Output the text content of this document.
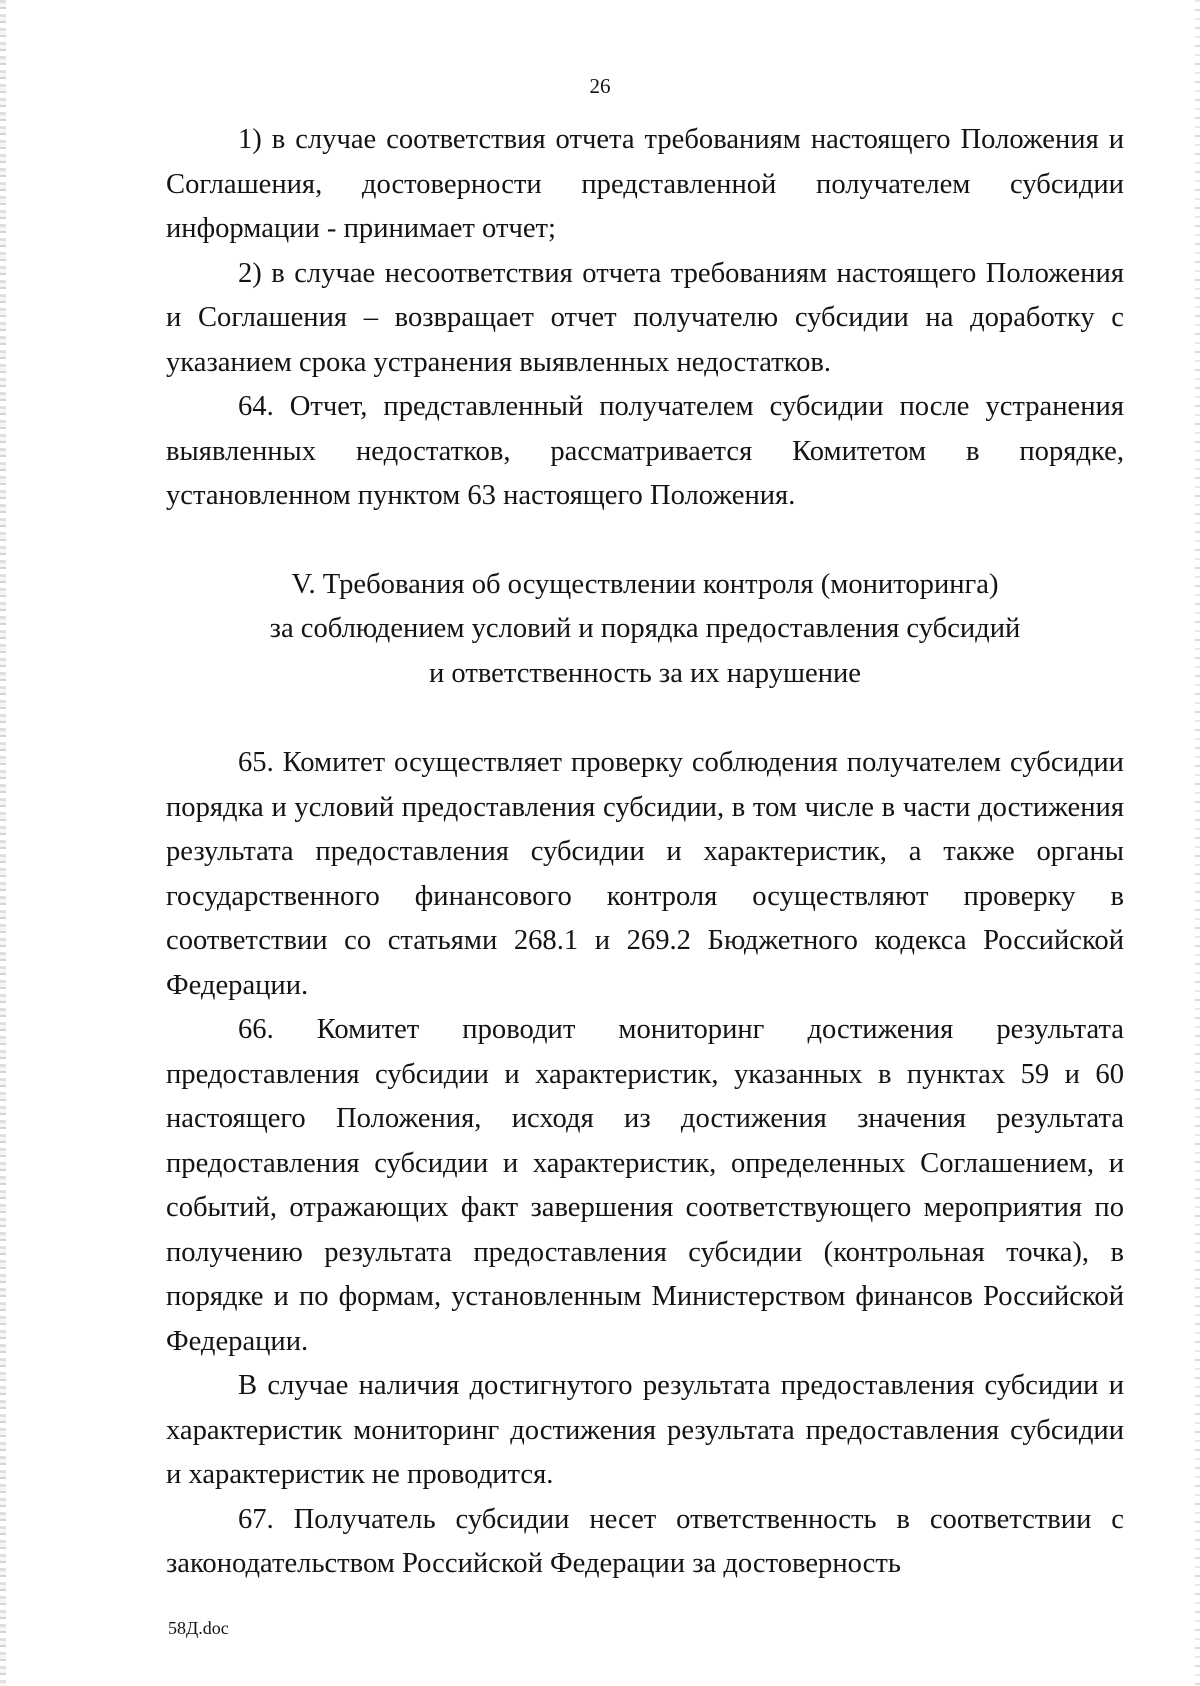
26

1) в случае соответствия отчета требованиям настоящего Положения и Соглашения, достоверности представленной получателем субсидии информации - принимает отчет;

2) в случае несоответствия отчета требованиям настоящего Положения и Соглашения – возвращает отчет получателю субсидии на доработку с указанием срока устранения выявленных недостатков.

64. Отчет, представленный получателем субсидии после устранения выявленных недостатков, рассматривается Комитетом в порядке, установленном пунктом 63 настоящего Положения.

V. Требования об осуществлении контроля (мониторинга)
за соблюдением условий и порядка предоставления субсидий
и ответственность за их нарушение

65. Комитет осуществляет проверку соблюдения получателем субсидии порядка и условий предоставления субсидии, в том числе в части достижения результата предоставления субсидии и характеристик, а также органы государственного финансового контроля осуществляют проверку в соответствии со статьями 268.1 и 269.2 Бюджетного кодекса Российской Федерации.

66. Комитет проводит мониторинг достижения результата предоставления субсидии и характеристик, указанных в пунктах 59 и 60 настоящего Положения, исходя из достижения значения результата предоставления субсидии и характеристик, определенных Соглашением, и событий, отражающих факт завершения соответствующего мероприятия по получению результата предоставления субсидии (контрольная точка), в порядке и по формам, установленным Министерством финансов Российской Федерации.

В случае наличия достигнутого результата предоставления субсидии и характеристик мониторинг достижения результата предоставления субсидии и характеристик не проводится.

67. Получатель субсидии несет ответственность в соответствии с законодательством Российской Федерации за достоверность

58Д.doc
